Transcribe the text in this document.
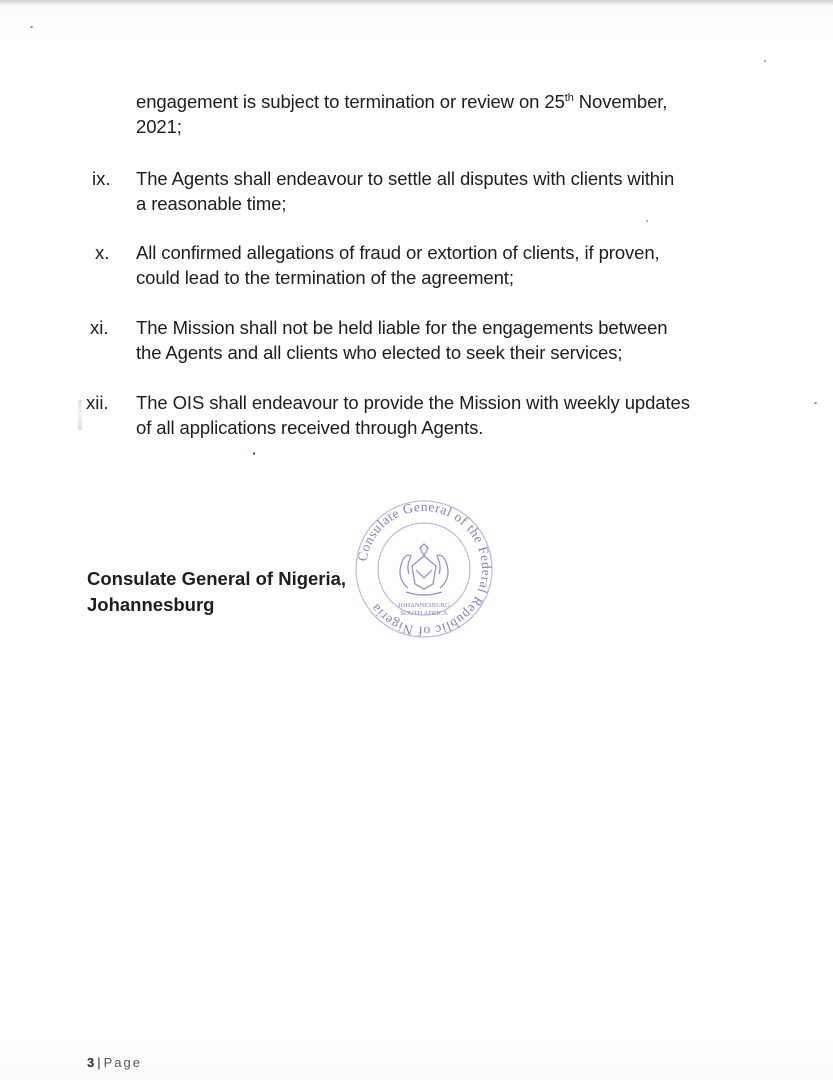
engagement is subject to termination or review on 25th November,
2021;
ix. The Agents shall endeavour to settle all disputes with clients within
a reasonable time;
x. All confirmed allegations of fraud or extortion of clients, if proven,
could lead to the termination of the agreement;
xi. The Mission shall not be held liable for the engagements between
the Agents and all clients who elected to seek their services;
xii. The OIS shall endeavour to provide the Mission with weekly updates
of all applications received through Agents.
Consulate General of Nigeria,
Johannesburg
Consulate General of the Federal Republic of Nigeria	JOHANNESBURG
SOUTH AFRICA
3 | Page
